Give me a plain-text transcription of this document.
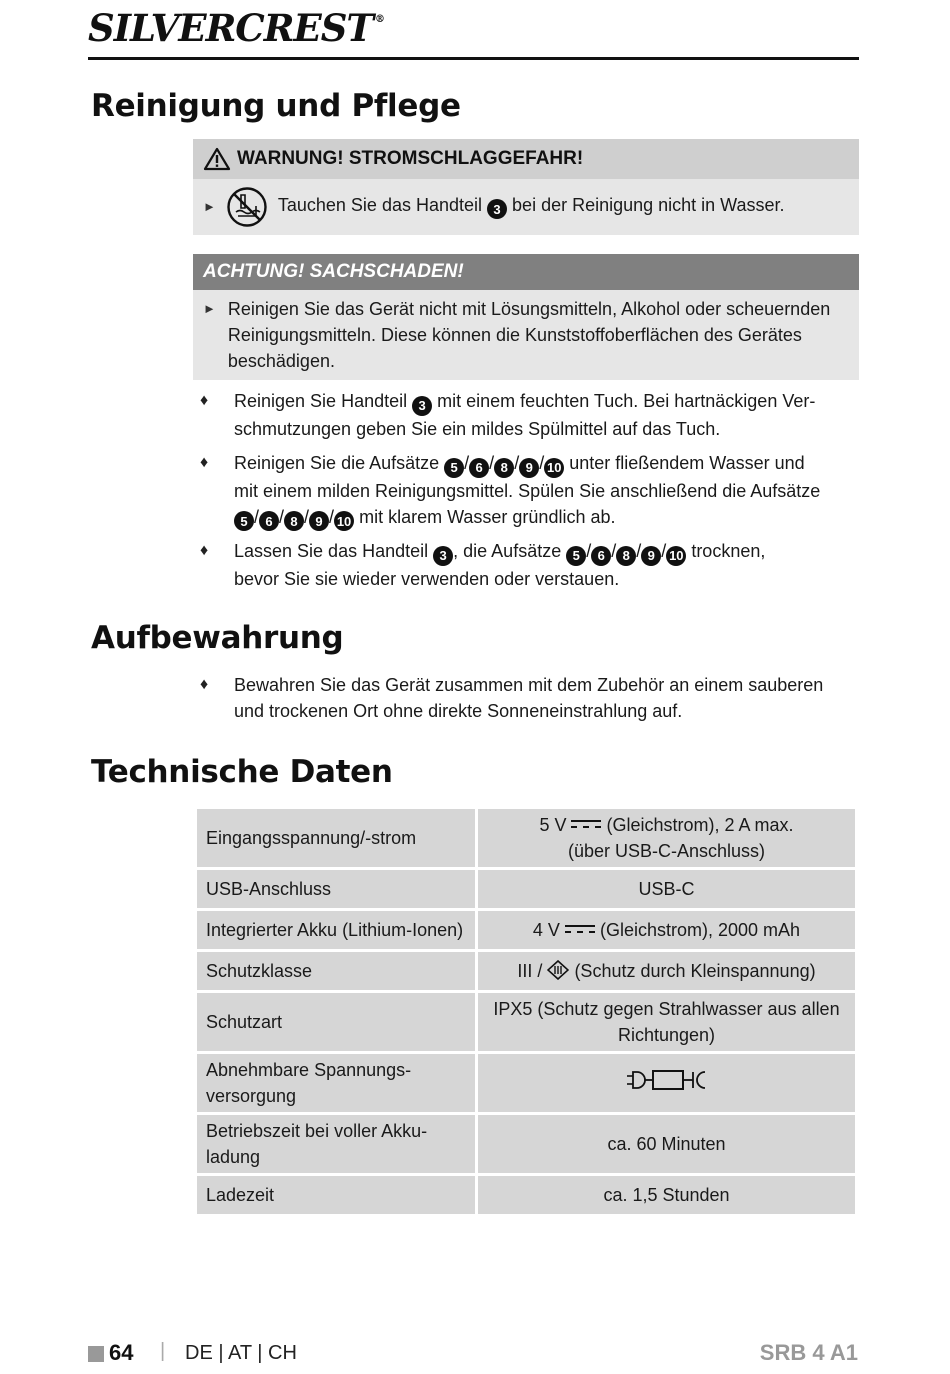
SILVERCREST ®
Reinigung und Pflege
WARNUNG! STROMSCHLAGGEFAHR!
►	Tauchen Sie das Handteil 3 bei der Reinigung nicht in Wasser.
ACHTUNG! SACHSCHADEN!
► Reinigen Sie das Gerät nicht mit Lösungsmitteln, Alkohol oder scheuernden Reinigungsmitteln. Diese können die Kunststoffoberflächen des Gerätes beschädigen.
♦ Reinigen Sie Handteil 3 mit einem feuchten Tuch. Bei hartnäckigen Ver-
schmutzungen geben Sie ein mildes Spülmittel auf das Tuch.
♦ Reinigen Sie die Aufsätze 5 / 6 / 8 / 9 / 10 unter fließendem Wasser und
mit einem milden Reinigungsmittel. Spülen Sie anschließend die Aufsätze
5 / 6 / 8 / 9 / 10 mit klarem Wasser gründlich ab.
♦ Lassen Sie das Handteil 3 , die Aufsätze 5 / 6 / 8 / 9 / 10 trocknen,
bevor Sie sie wieder verwenden oder verstauen.
Aufbewahrung
♦ Bewahren Sie das Gerät zusammen mit dem Zubehör an einem sauberen
und trockenen Ort ohne direkte Sonneneinstrahlung auf.
Technische Daten
Eingangsspannung/-strom	5 V (Gleichstrom), 2 A max.
(über USB-C-Anschluss)

USB-Anschluss	USB-C
Integrierter Akku (Lithium-Ionen)	4 V (Gleichstrom), 2000 mAh
Schutzklasse	III / (Schutz durch Kleinspannung)
Schutzart	IPX5 (Schutz gegen Strahlwasser aus allen
Richtungen)

Abnehmbare Spannungs-
versorgung

Betriebszeit bei voller Akku-
ladung	ca. 60 Minuten
Ladezeit	ca. 1,5 Stunden
64 | DE | AT | CH	SRB 4 A1
